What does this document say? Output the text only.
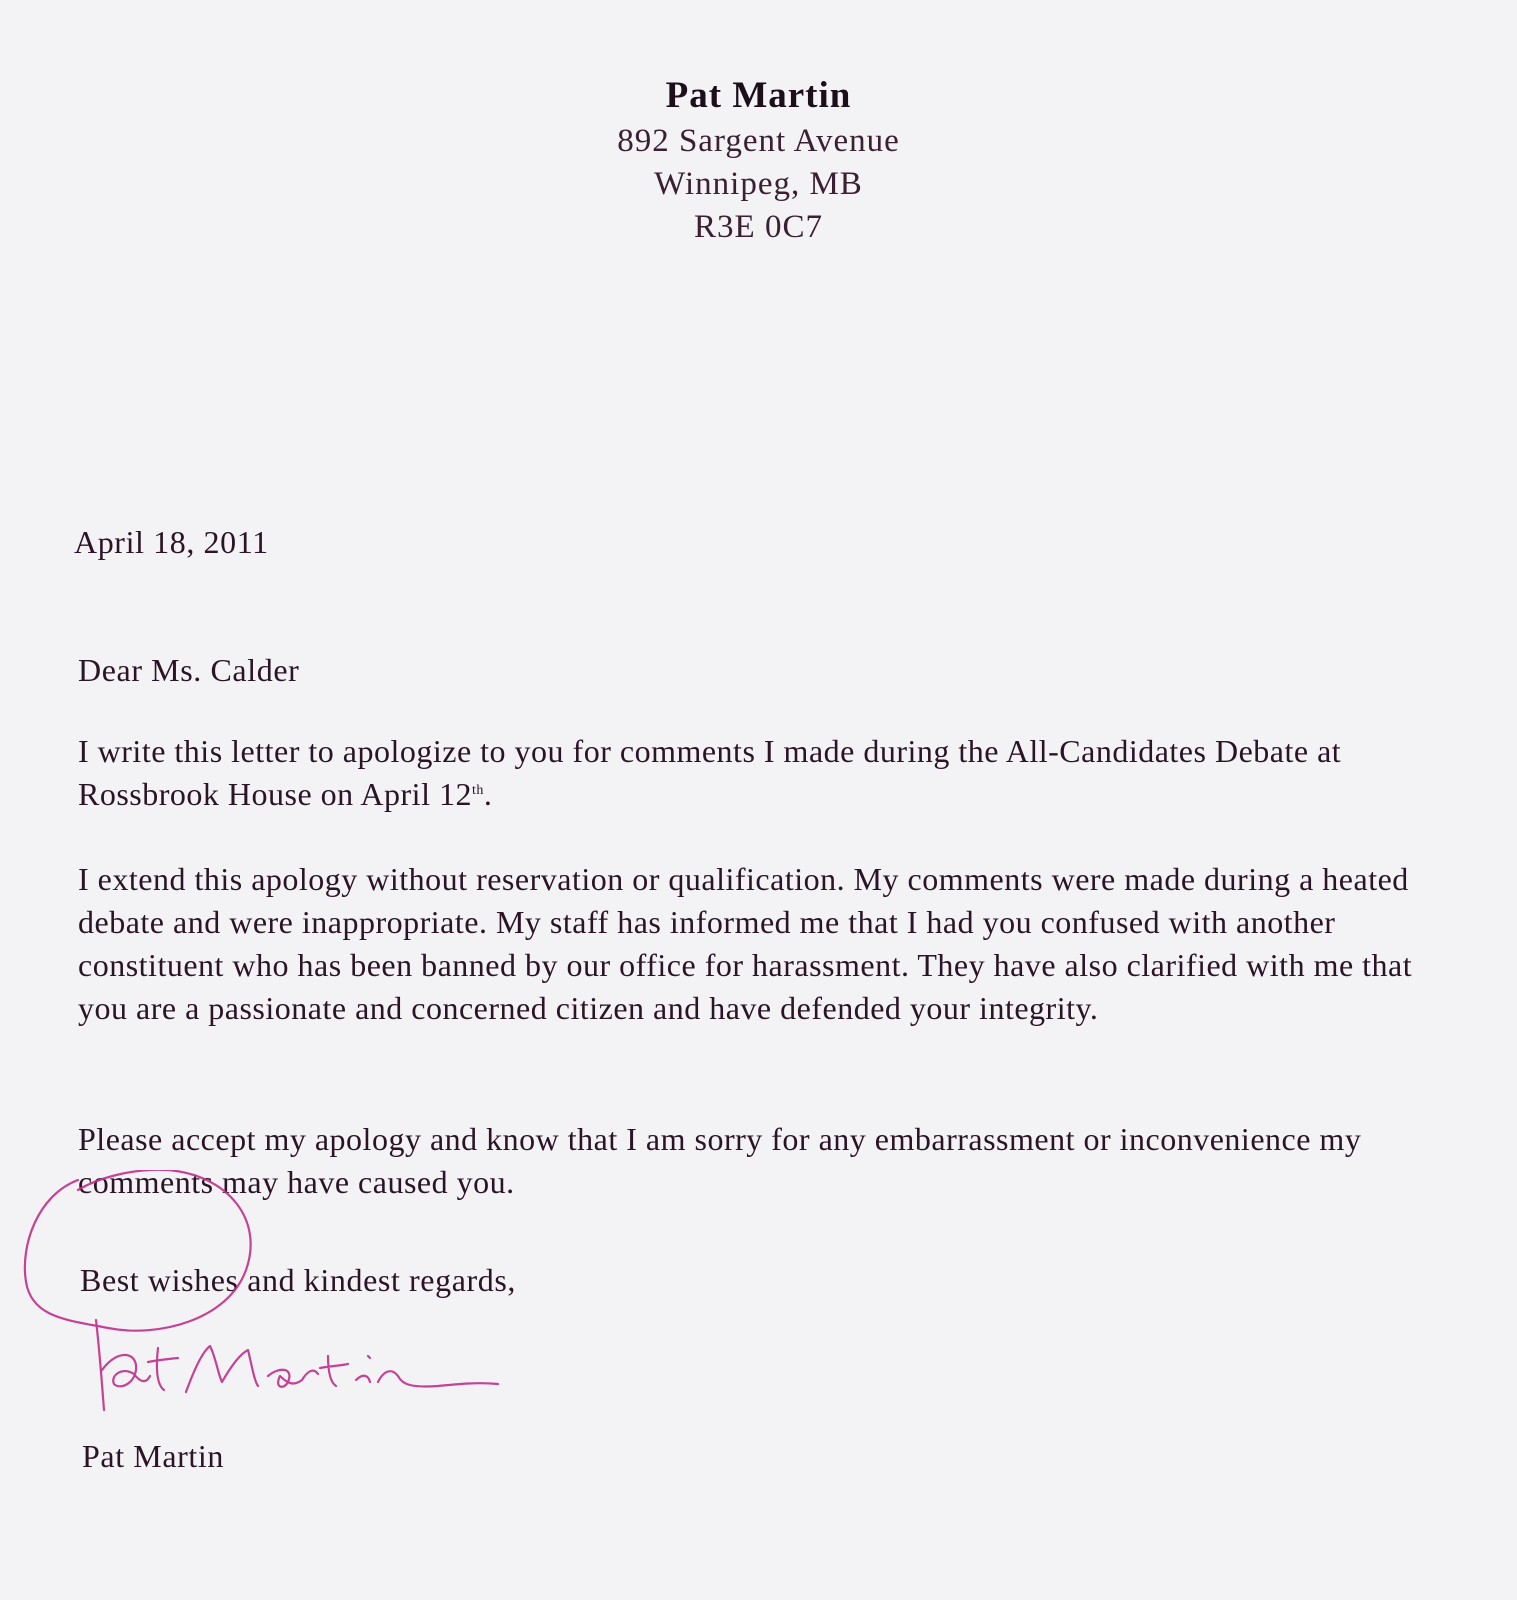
Pat Martin
892 Sargent Avenue
Winnipeg, MB
R3E 0C7
April 18, 2011
Dear Ms. Calder
I write this letter to apologize to you for comments I made during the All-Candidates Debate at Rossbrook House on April 12th.
I extend this apology without reservation or qualification. My comments were made during a heated debate and were inappropriate. My staff has informed me that I had you confused with another constituent who has been banned by our office for harassment. They have also clarified with me that you are a passionate and concerned citizen and have defended your integrity.
Please accept my apology and know that I am sorry for any embarrassment or inconvenience my comments may have caused you.
Best wishes and kindest regards,
Pat Martin
